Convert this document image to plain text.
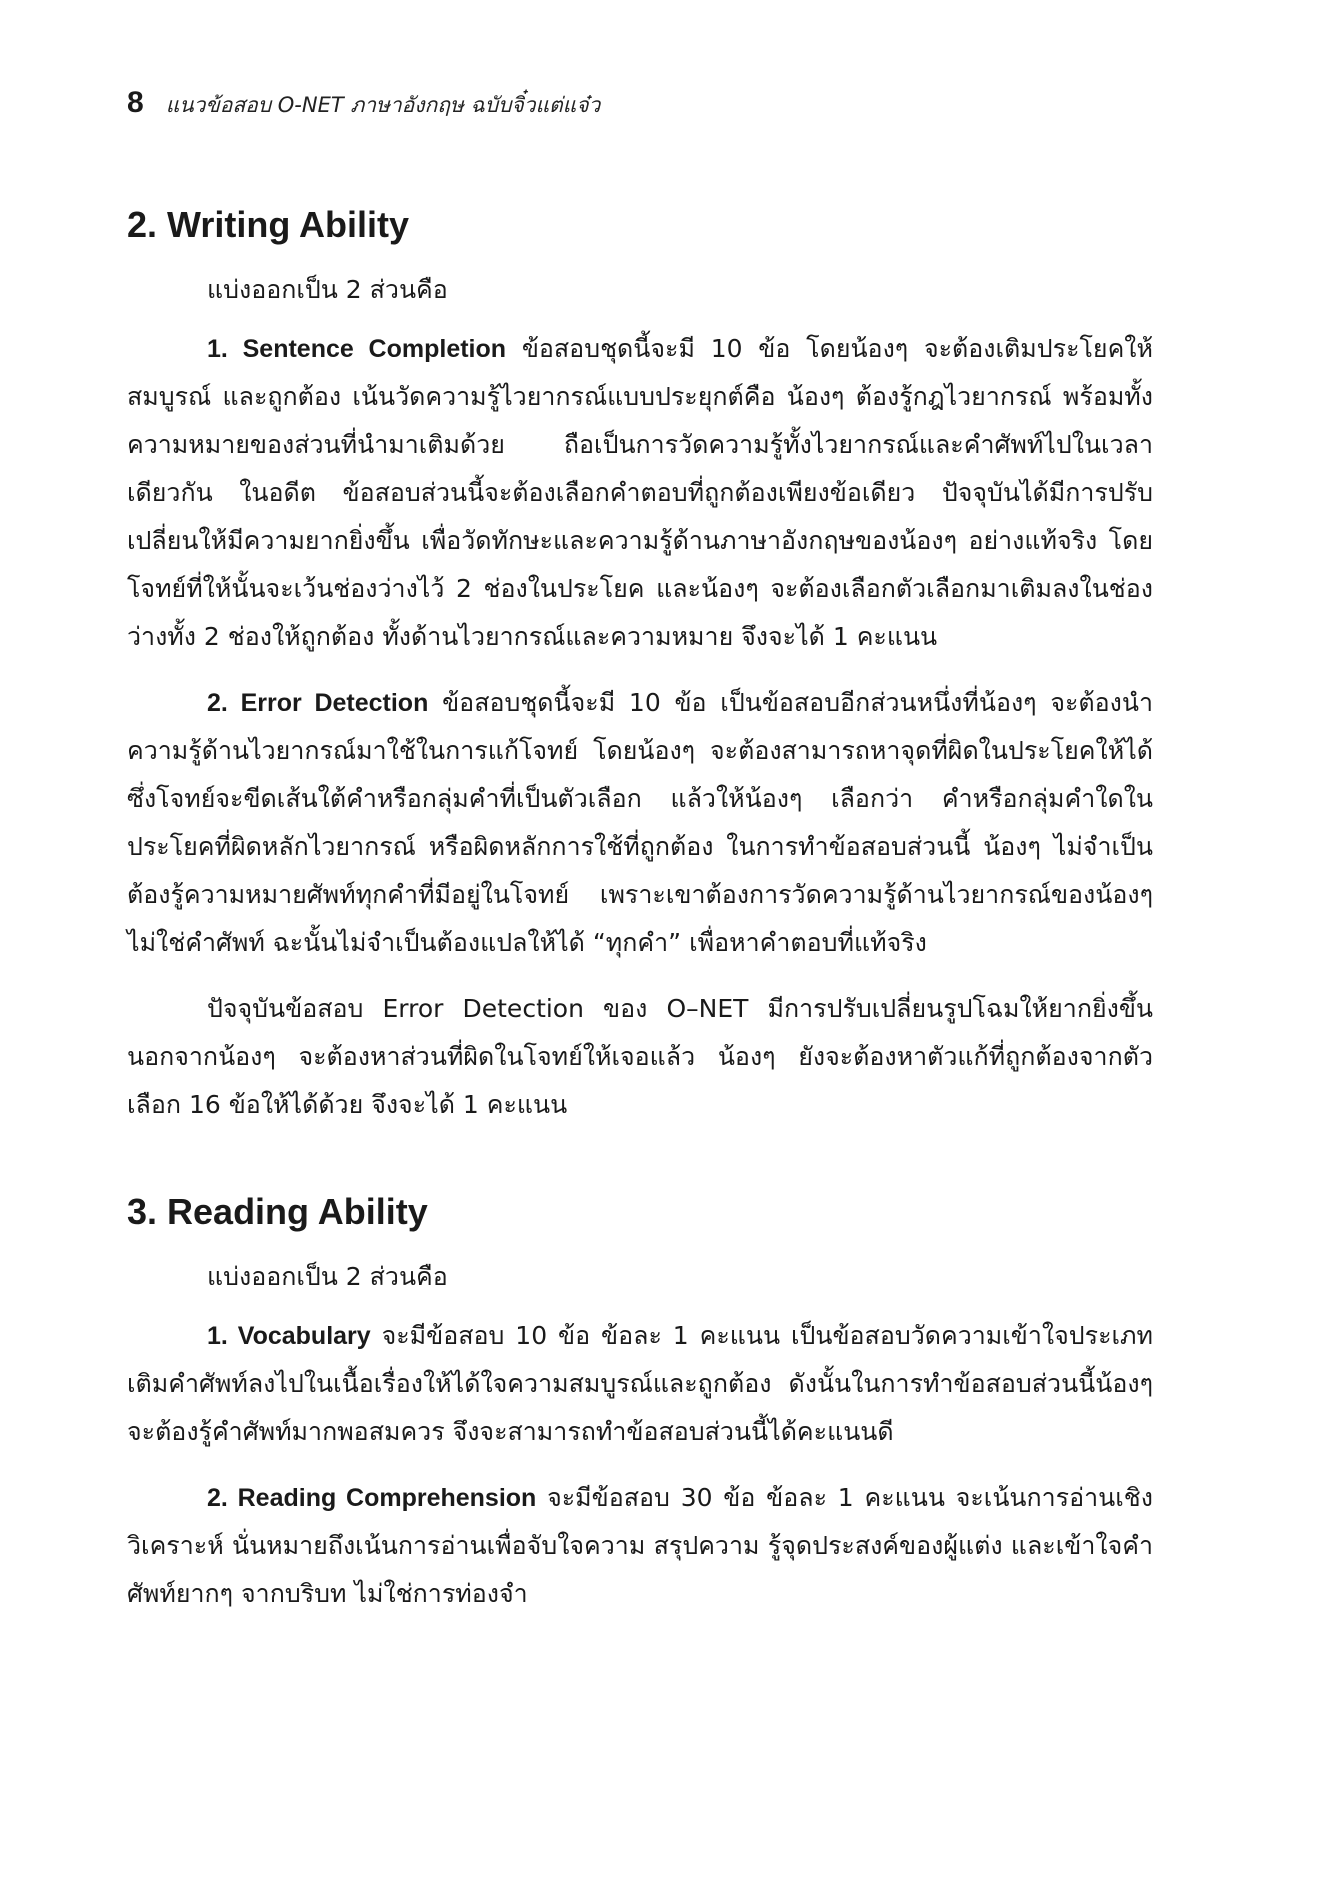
8 แนวข้อสอบ O-NET ภาษาอังกฤษ ฉบับจิ๋วแต่แจ๋ว
2. Writing Ability

แบ่งออกเป็น 2 ส่วนคือ

1. Sentence Completion ข้อสอบชุดนี้จะมี 10 ข้อ โดยน้องๆ จะต้องเติมประโยคให้สมบูรณ์ และถูกต้อง เน้นวัดความรู้ไวยากรณ์แบบประยุกต์คือ น้องๆ ต้องรู้กฎไวยากรณ์ พร้อมทั้งความหมายของส่วนที่นำมาเติมด้วย ถือเป็นการวัดความรู้ทั้งไวยากรณ์และคำศัพท์ไปในเวลาเดียวกัน ในอดีต ข้อสอบส่วนนี้จะต้องเลือกคำตอบที่ถูกต้องเพียงข้อเดียว ปัจจุบันได้มีการปรับเปลี่ยนให้มีความยากยิ่งขึ้น เพื่อวัดทักษะและความรู้ด้านภาษาอังกฤษของน้องๆ อย่างแท้จริง โดยโจทย์ที่ให้นั้นจะเว้นช่องว่างไว้ 2 ช่องในประโยค และน้องๆ จะต้องเลือกตัวเลือกมาเติมลงในช่องว่างทั้ง 2 ช่องให้ถูกต้อง ทั้งด้านไวยากรณ์และความหมาย จึงจะได้ 1 คะแนน

2. Error Detection ข้อสอบชุดนี้จะมี 10 ข้อ เป็นข้อสอบอีกส่วนหนึ่งที่น้องๆ จะต้องนำความรู้ด้านไวยากรณ์มาใช้ในการแก้โจทย์ โดยน้องๆ จะต้องสามารถหาจุดที่ผิดในประโยคให้ได้ ซึ่งโจทย์จะขีดเส้นใต้คำหรือกลุ่มคำที่เป็นตัวเลือก แล้วให้น้องๆ เลือกว่า คำหรือกลุ่มคำใดในประโยคที่ผิดหลักไวยากรณ์ หรือผิดหลักการใช้ที่ถูกต้อง ในการทำข้อสอบส่วนนี้ น้องๆ ไม่จำเป็นต้องรู้ความหมายศัพท์ทุกคำที่มีอยู่ในโจทย์ เพราะเขาต้องการวัดความรู้ด้านไวยากรณ์ของน้องๆ ไม่ใช่คำศัพท์ ฉะนั้นไม่จำเป็นต้องแปลให้ได้ “ทุกคำ” เพื่อหาคำตอบที่แท้จริง

ปัจจุบันข้อสอบ Error Detection ของ O–NET มีการปรับเปลี่ยนรูปโฉมให้ยากยิ่งขึ้น นอกจากน้องๆ จะต้องหาส่วนที่ผิดในโจทย์ให้เจอแล้ว น้องๆ ยังจะต้องหาตัวแก้ที่ถูกต้องจากตัวเลือก 16 ข้อให้ได้ด้วย จึงจะได้ 1 คะแนน

3. Reading Ability

แบ่งออกเป็น 2 ส่วนคือ

1. Vocabulary จะมีข้อสอบ 10 ข้อ ข้อละ 1 คะแนน เป็นข้อสอบวัดความเข้าใจประเภทเติมคำศัพท์ลงไปในเนื้อเรื่องให้ได้ใจความสมบูรณ์และถูกต้อง ดังนั้นในการทำข้อสอบส่วนนี้น้องๆ จะต้องรู้คำศัพท์มากพอสมควร จึงจะสามารถทำข้อสอบส่วนนี้ได้คะแนนดี

2. Reading Comprehension จะมีข้อสอบ 30 ข้อ ข้อละ 1 คะแนน จะเน้นการอ่านเชิงวิเคราะห์ นั่นหมายถึงเน้นการอ่านเพื่อจับใจความ สรุปความ รู้จุดประสงค์ของผู้แต่ง และเข้าใจคำศัพท์ยากๆ จากบริบท ไม่ใช่การท่องจำ
